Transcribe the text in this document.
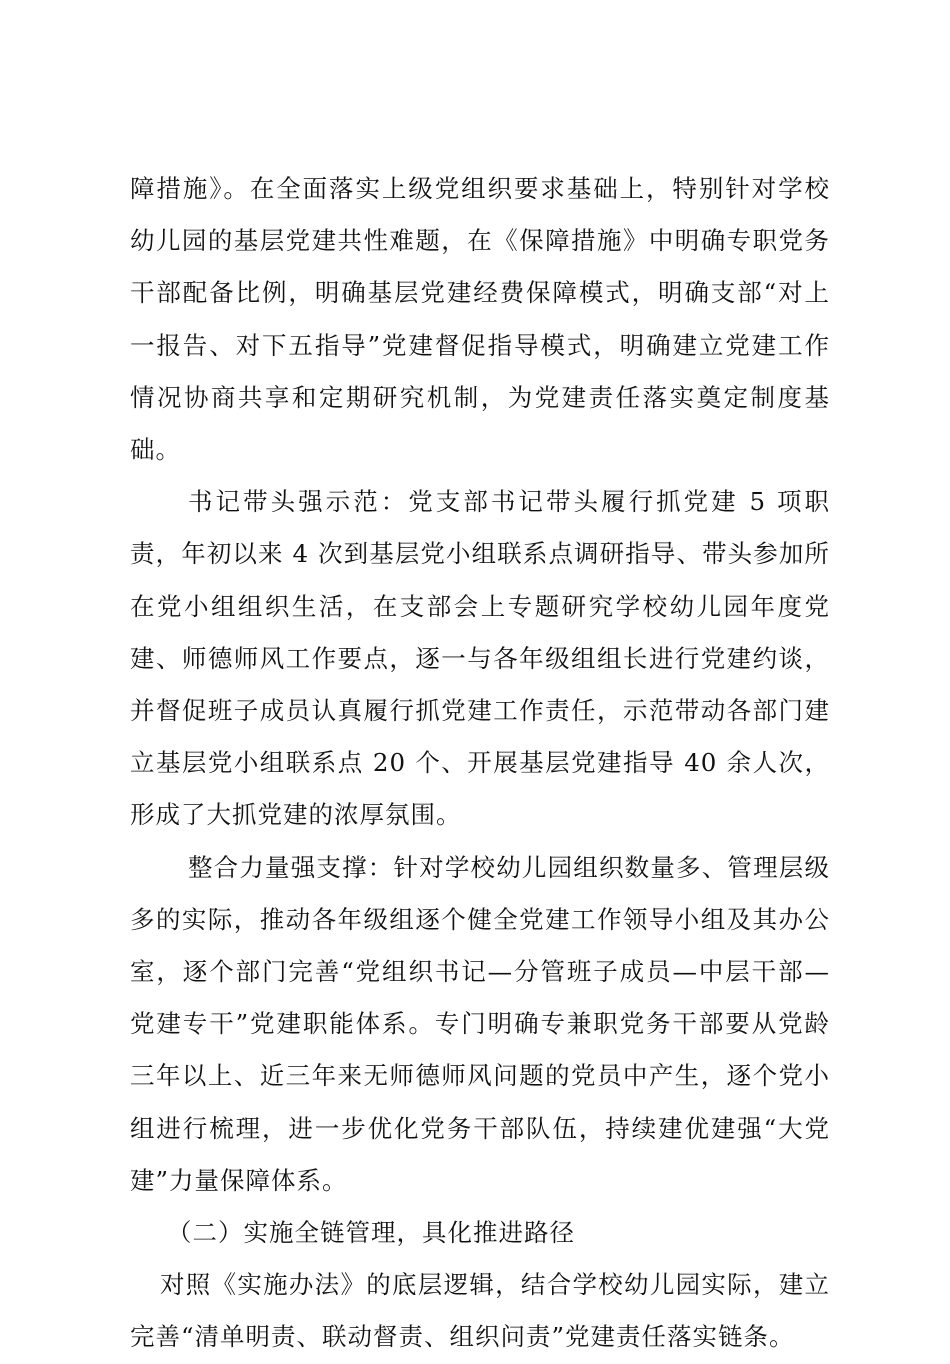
障措施》。在全面落实上级党组织要求基础上，特别针对学校幼儿园的基层党建共性难题，在《保障措施》中明确专职党务干部配备比例，明确基层党建经费保障模式，明确支部“对上一报告、对下五指导”党建督促指导模式，明确建立党建工作情况协商共享和定期研究机制，为党建责任落实奠定制度基础。

书记带头强示范：党支部书记带头履行抓党建 5 项职责，年初以来 4 次到基层党小组联系点调研指导、带头参加所在党小组组织生活，在支部会上专题研究学校幼儿园年度党建、师德师风工作要点，逐一与各年级组组长进行党建约谈，并督促班子成员认真履行抓党建工作责任，示范带动各部门建立基层党小组联系点 20 个、开展基层党建指导 40 余人次，形成了大抓党建的浓厚氛围。

整合力量强支撑：针对学校幼儿园组织数量多、管理层级多的实际，推动各年级组逐个健全党建工作领导小组及其办公室，逐个部门完善“党组织书记—分管班子成员—中层干部—党建专干”党建职能体系。专门明确专兼职党务干部要从党龄三年以上、近三年来无师德师风问题的党员中产生，逐个党小组进行梳理，进一步优化党务干部队伍，持续建优建强“大党建”力量保障体系。

（二）实施全链管理，具化推进路径

对照《实施办法》的底层逻辑，结合学校幼儿园实际，建立完善“清单明责、联动督责、组织问责”党建责任落实链条。
